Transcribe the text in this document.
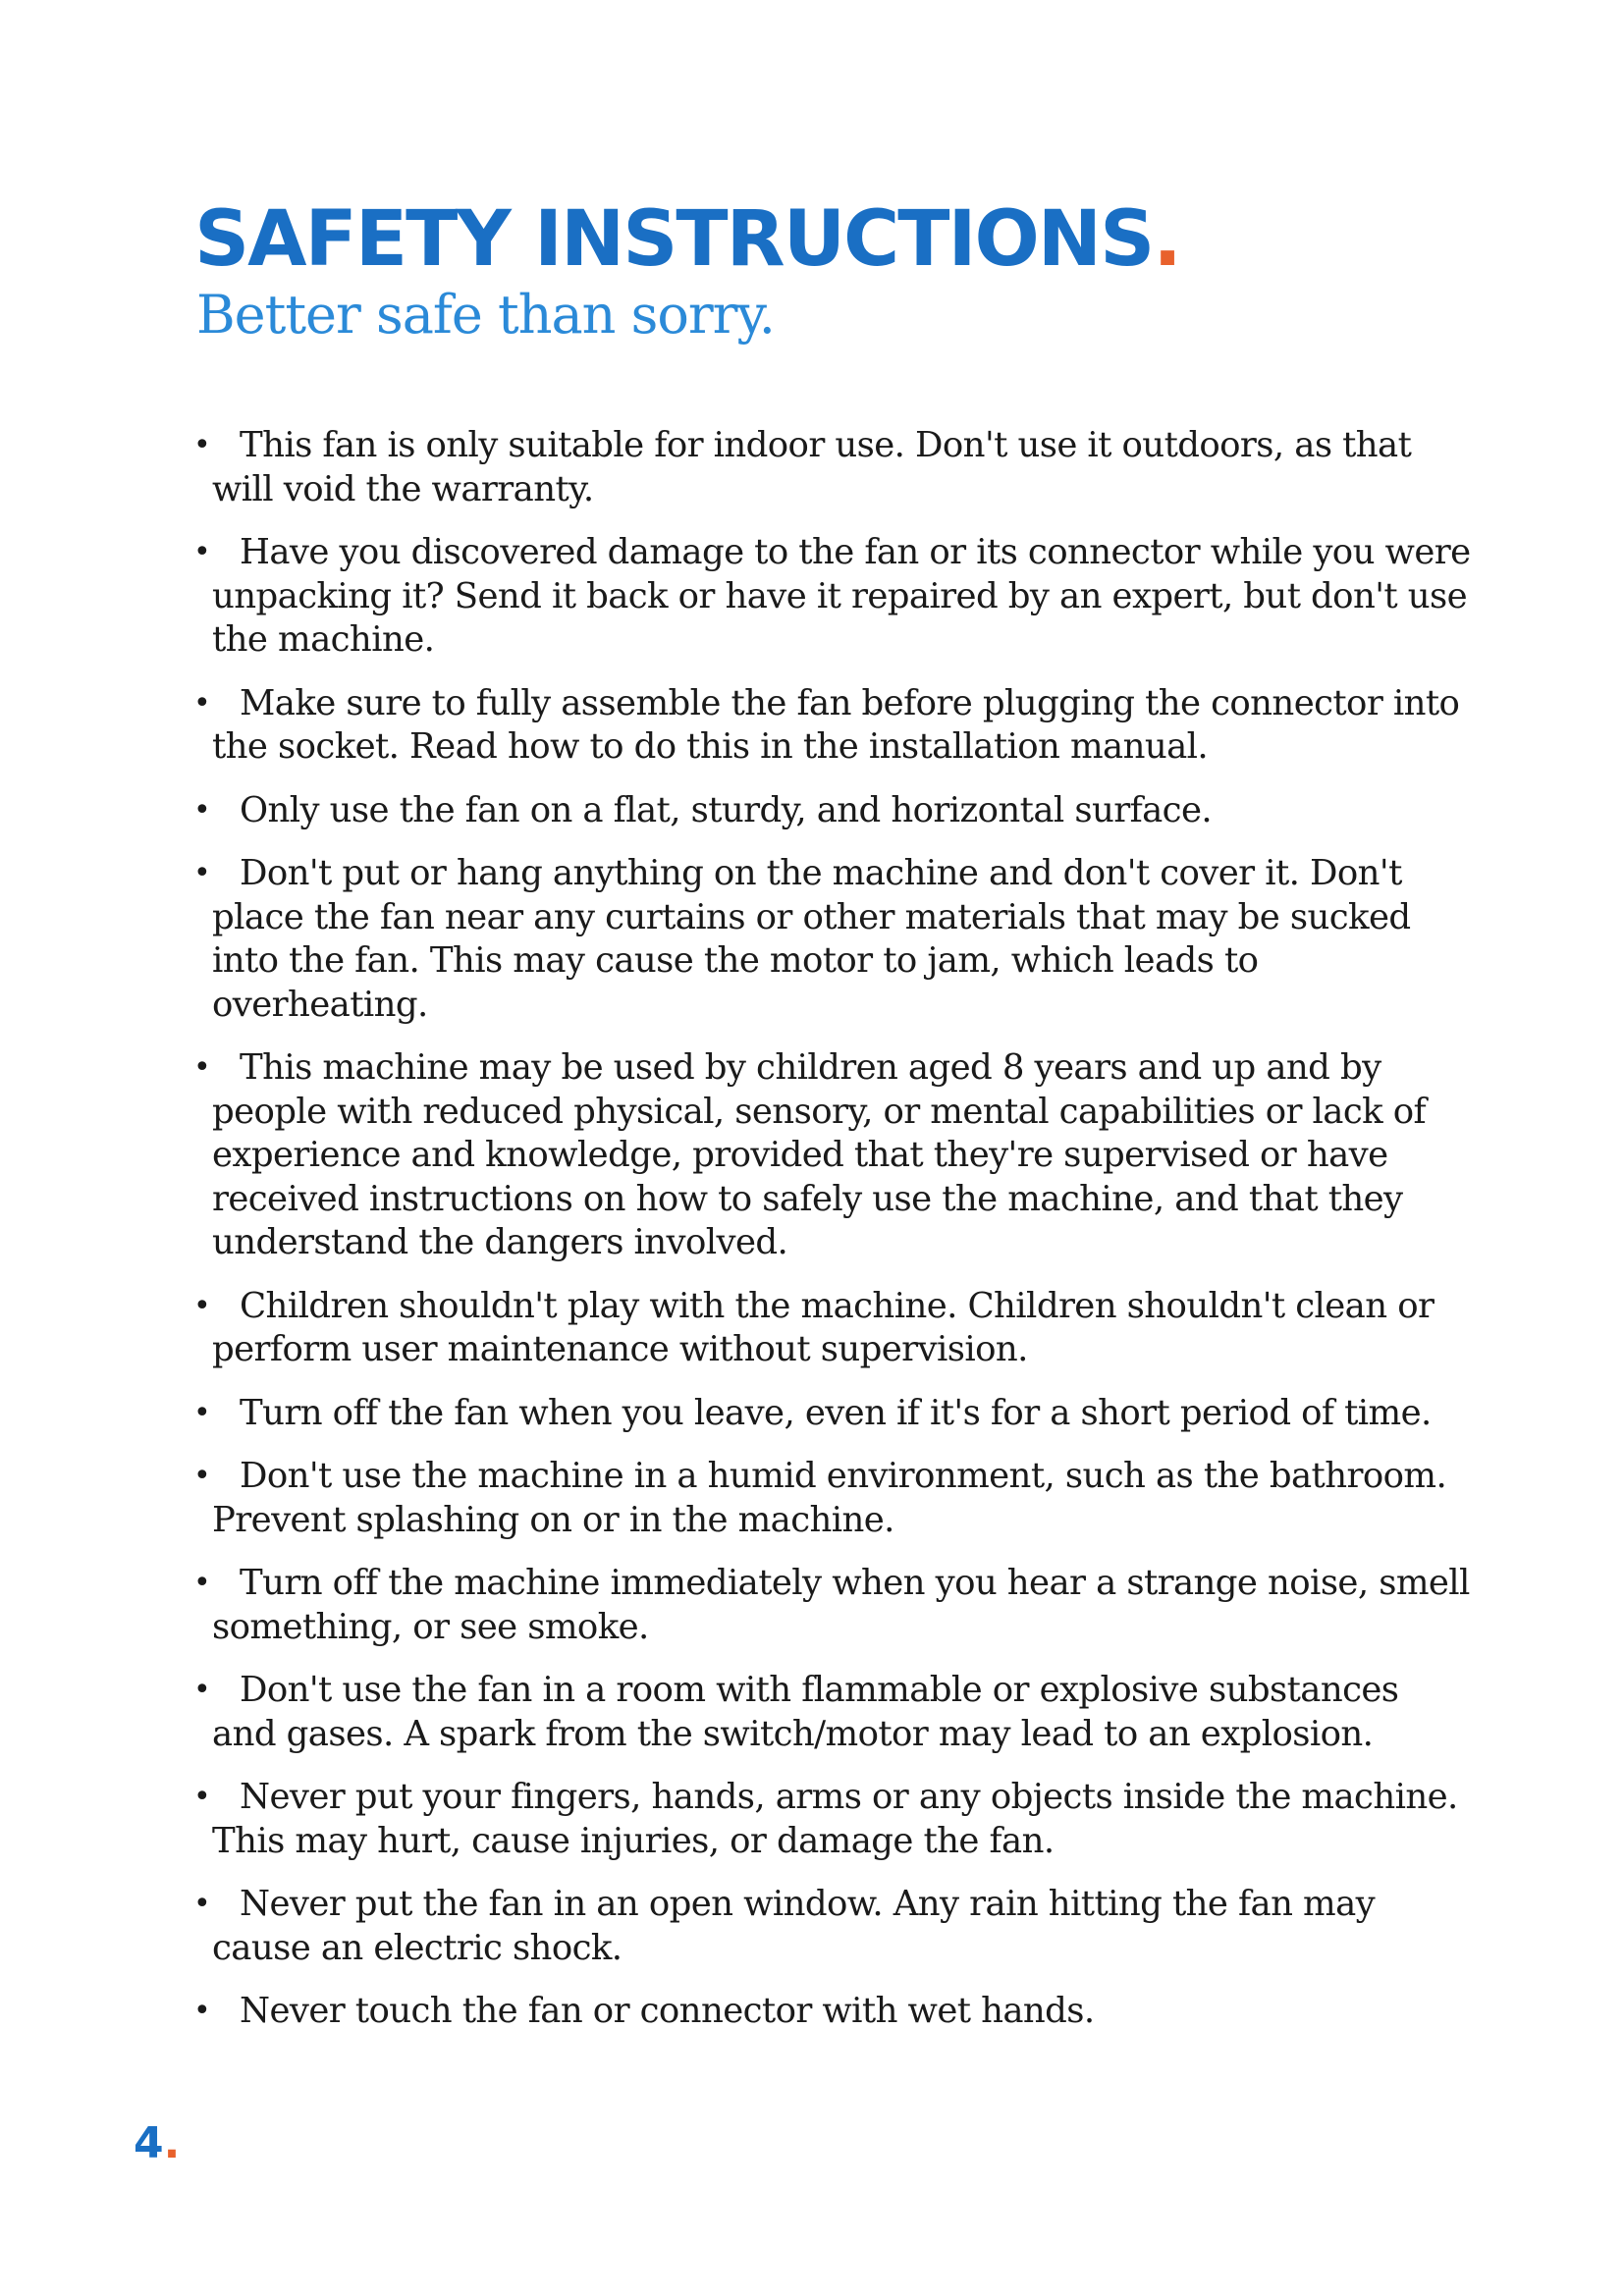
SAFETY INSTRUCTIONS.
Better safe than sorry.
• This fan is only suitable for indoor use. Don't use it outdoors, as that will void the warranty.
• Have you discovered damage to the fan or its connector while you were unpacking it? Send it back or have it repaired by an expert, but don't use the machine.
• Make sure to fully assemble the fan before plugging the connector into the socket. Read how to do this in the installation manual.
• Only use the fan on a flat, sturdy, and horizontal surface.
• Don't put or hang anything on the machine and don't cover it. Don't place the fan near any curtains or other materials that may be sucked into the fan. This may cause the motor to jam, which leads to overheating.
• This machine may be used by children aged 8 years and up and by people with reduced physical, sensory, or mental capabilities or lack of experience and knowledge, provided that they're supervised or have received instructions on how to safely use the machine, and that they understand the dangers involved.
• Children shouldn't play with the machine. Children shouldn't clean or perform user maintenance without supervision.
• Turn off the fan when you leave, even if it's for a short period of time.
• Don't use the machine in a humid environment, such as the bathroom. Prevent splashing on or in the machine.
• Turn off the machine immediately when you hear a strange noise, smell something, or see smoke.
• Don't use the fan in a room with flammable or explosive substances and gases. A spark from the switch/motor may lead to an explosion.
• Never put your fingers, hands, arms or any objects inside the machine. This may hurt, cause injuries, or damage the fan.
• Never put the fan in an open window. Any rain hitting the fan may cause an electric shock.
• Never touch the fan or connector with wet hands.
4.
